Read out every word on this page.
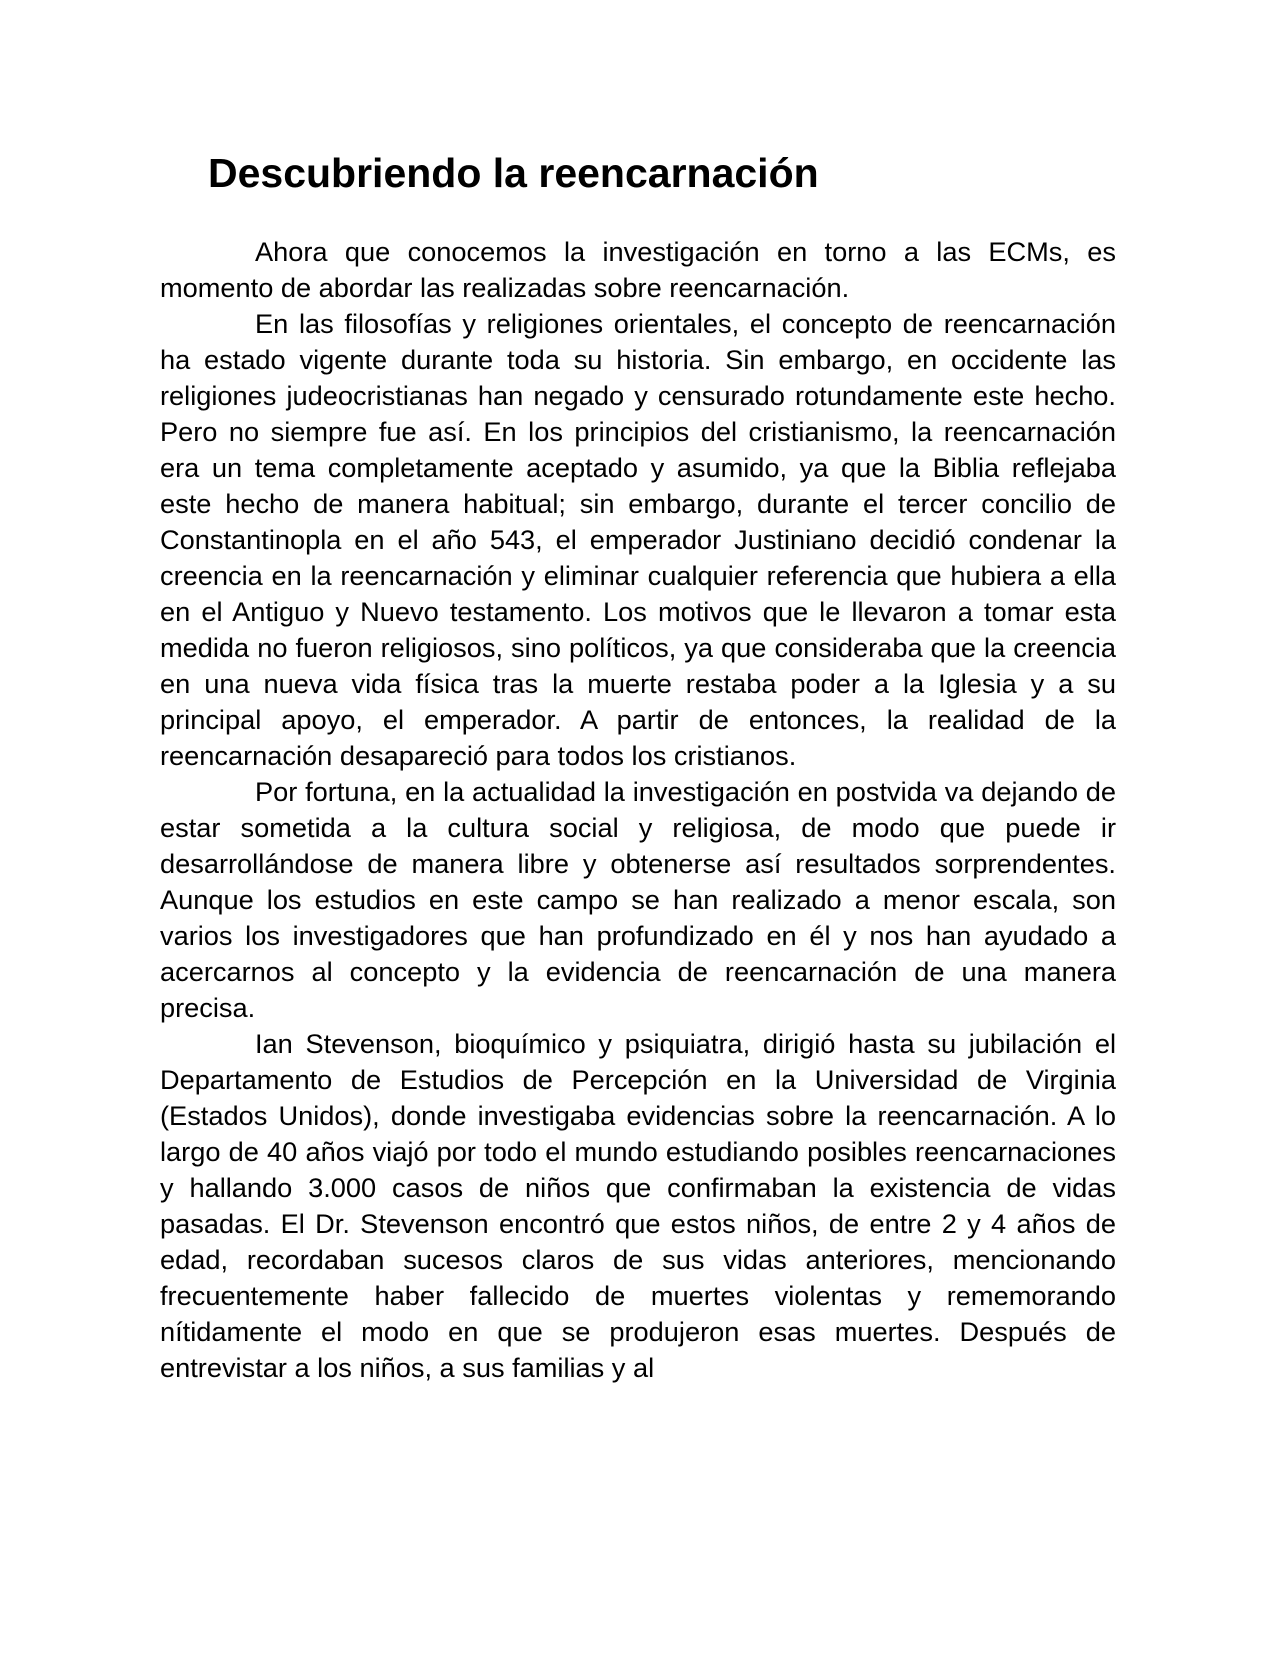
Descubriendo la reencarnación

Ahora que conocemos la investigación en torno a las ECMs, es momento de abordar las realizadas sobre reencarnación.

En las filosofías y religiones orientales, el concepto de reencarnación ha estado vigente durante toda su historia. Sin embargo, en occidente las religiones judeocristianas han negado y censurado rotundamente este hecho. Pero no siempre fue así. En los principios del cristianismo, la reencarnación era un tema completamente aceptado y asumido, ya que la Biblia reflejaba este hecho de manera habitual; sin embargo, durante el tercer concilio de Constantinopla en el año 543, el emperador Justiniano decidió condenar la creencia en la reencarnación y eliminar cualquier referencia que hubiera a ella en el Antiguo y Nuevo testamento. Los motivos que le llevaron a tomar esta medida no fueron religiosos, sino políticos, ya que consideraba que la creencia en una nueva vida física tras la muerte restaba poder a la Iglesia y a su principal apoyo, el emperador. A partir de entonces, la realidad de la reencarnación desapareció para todos los cristianos.

Por fortuna, en la actualidad la investigación en postvida va dejando de estar sometida a la cultura social y religiosa, de modo que puede ir desarrollándose de manera libre y obtenerse así resultados sorprendentes. Aunque los estudios en este campo se han realizado a menor escala, son varios los investigadores que han profundizado en él y nos han ayudado a acercarnos al concepto y la evidencia de reencarnación de una manera precisa.

Ian Stevenson, bioquímico y psiquiatra, dirigió hasta su jubilación el Departamento de Estudios de Percepción en la Universidad de Virginia (Estados Unidos), donde investigaba evidencias sobre la reencarnación. A lo largo de 40 años viajó por todo el mundo estudiando posibles reencarnaciones y hallando 3.000 casos de niños que confirmaban la existencia de vidas pasadas. El Dr. Stevenson encontró que estos niños, de entre 2 y 4 años de edad, recordaban sucesos claros de sus vidas anteriores, mencionando frecuentemente haber fallecido de muertes violentas y rememorando nítidamente el modo en que se produjeron esas muertes. Después de entrevistar a los niños, a sus familias y al
